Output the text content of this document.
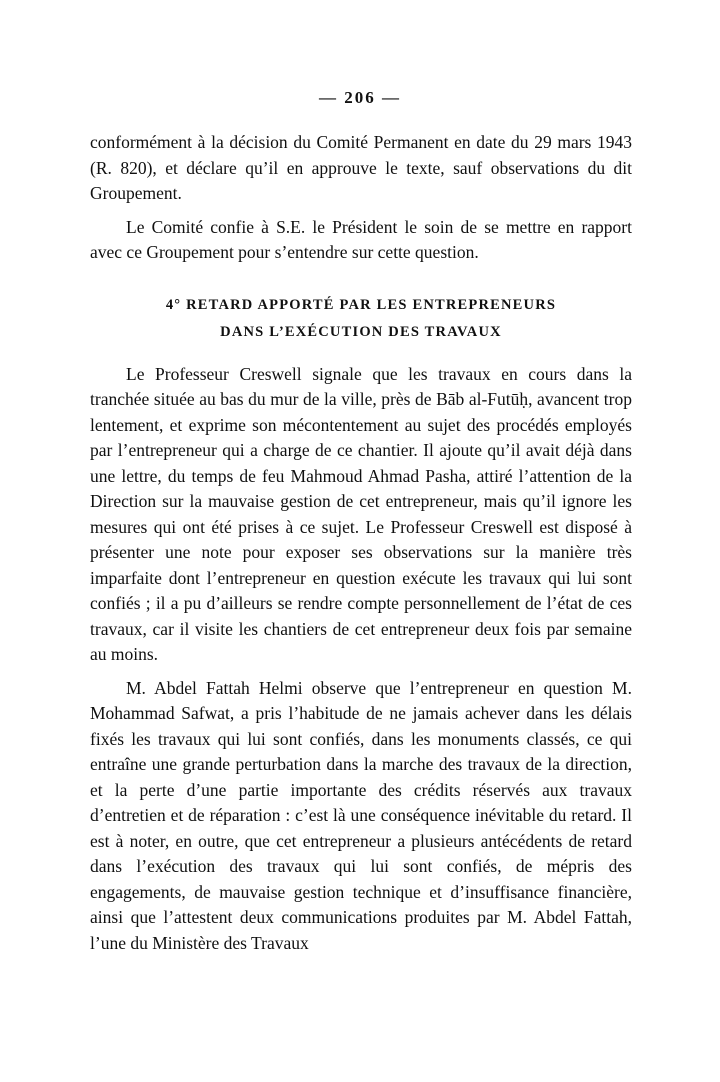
— 206 —

conformément à la décision du Comité Permanent en date du 29 mars 1943 (R. 820), et déclare qu’il en approuve le texte, sauf observations du dit Groupement.

Le Comité confie à S.E. le Président le soin de se mettre en rapport avec ce Groupement pour s’entendre sur cette question.

4° RETARD APPORTÉ PAR LES ENTREPRENEURS
DANS L’EXÉCUTION DES TRAVAUX

Le Professeur Creswell signale que les travaux en cours dans la tranchée située au bas du mur de la ville, près de Bāb al-Futūḥ, avancent trop lentement, et exprime son mécontentement au sujet des procédés employés par l’entrepreneur qui a charge de ce chantier. Il ajoute qu’il avait déjà dans une lettre, du temps de feu Mahmoud Ahmad Pasha, attiré l’attention de la Direction sur la mauvaise gestion de cet entrepreneur, mais qu’il ignore les mesures qui ont été prises à ce sujet. Le Professeur Creswell est disposé à présenter une note pour exposer ses observations sur la manière très imparfaite dont l’entrepreneur en question exécute les travaux qui lui sont confiés ; il a pu d’ailleurs se rendre compte personnellement de l’état de ces travaux, car il visite les chantiers de cet entrepreneur deux fois par semaine au moins.

M. Abdel Fattah Helmi observe que l’entrepreneur en question M. Mohammad Safwat, a pris l’habitude de ne jamais achever dans les délais fixés les travaux qui lui sont confiés, dans les monuments classés, ce qui entraîne une grande perturbation dans la marche des travaux de la direction, et la perte d’une partie importante des crédits réservés aux travaux d’entretien et de réparation : c’est là une conséquence inévitable du retard. Il est à noter, en outre, que cet entrepreneur a plusieurs antécédents de retard dans l’exécution des travaux qui lui sont confiés, de mépris des engagements, de mauvaise gestion technique et d’insuffisance financière, ainsi que l’attestent deux communications produites par M. Abdel Fattah, l’une du Ministère des Travaux
